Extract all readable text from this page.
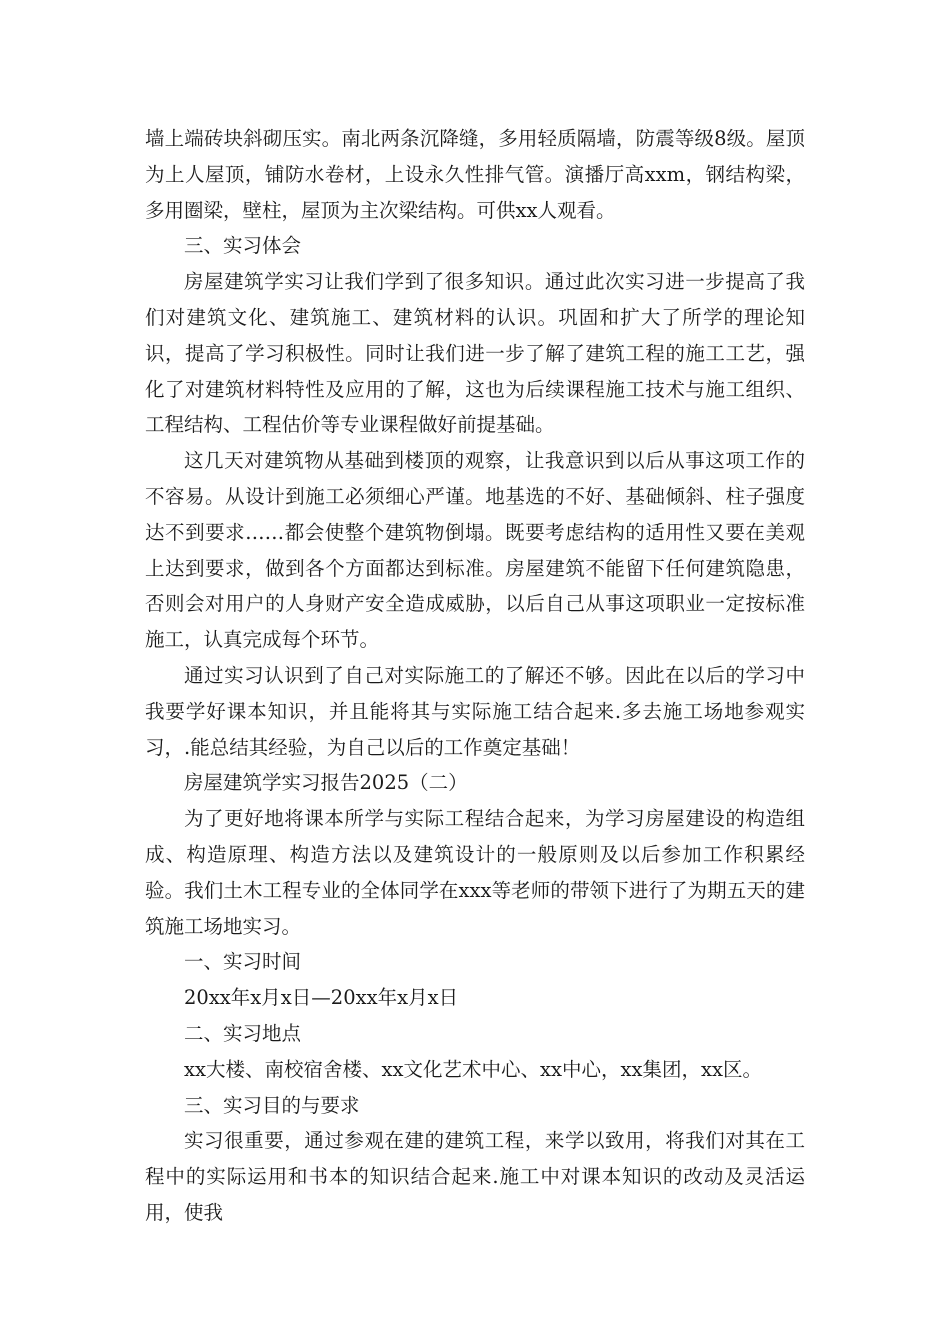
墙上端砖块斜砌压实。南北两条沉降缝，多用轻质隔墙，防震等级8级。屋顶为上人屋顶，铺防水卷材，上设永久性排气管。演播厅高xxm，钢结构梁，多用圈梁，壁柱，屋顶为主次梁结构。可供xx人观看。

三、实习体会

房屋建筑学实习让我们学到了很多知识。通过此次实习进一步提高了我们对建筑文化、建筑施工、建筑材料的认识。巩固和扩大了所学的理论知识，提高了学习积极性。同时让我们进一步了解了建筑工程的施工工艺，强化了对建筑材料特性及应用的了解，这也为后续课程施工技术与施工组织、工程结构、工程估价等专业课程做好前提基础。

这几天对建筑物从基础到楼顶的观察，让我意识到以后从事这项工作的不容易。从设计到施工必须细心严谨。地基选的不好、基础倾斜、柱子强度达不到要求……都会使整个建筑物倒塌。既要考虑结构的适用性又要在美观上达到要求，做到各个方面都达到标准。房屋建筑不能留下任何建筑隐患，否则会对用户的人身财产安全造成威胁，以后自己从事这项职业一定按标准施工，认真完成每个环节。

通过实习认识到了自己对实际施工的了解还不够。因此在以后的学习中我要学好课本知识，并且能将其与实际施工结合起来.多去施工场地参观实习，.能总结其经验，为自己以后的工作奠定基础！

房屋建筑学实习报告2025（二）

为了更好地将课本所学与实际工程结合起来，为学习房屋建设的构造组成、构造原理、构造方法以及建筑设计的一般原则及以后参加工作积累经验。我们土木工程专业的全体同学在xxx等老师的带领下进行了为期五天的建筑施工场地实习。

一、实习时间

20xx年x月x日—20xx年x月x日

二、实习地点

xx大楼、南校宿舍楼、xx文化艺术中心、xx中心，xx集团，xx区。

三、实习目的与要求

实习很重要，通过参观在建的建筑工程，来学以致用，将我们对其在工程中的实际运用和书本的知识结合起来.施工中对课本知识的改动及灵活运用，使我
